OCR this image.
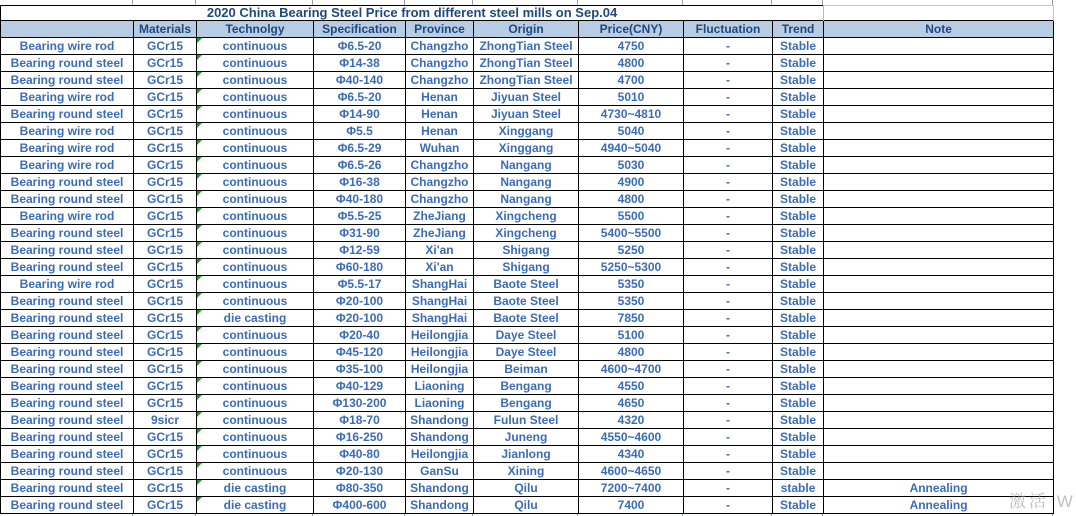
2020 China Bearing Steel Price from different steel mills on Sep.04									
	Materials	Technolgy	Specification	Province	Origin	Price(CNY)	Fluctuation	Trend	Note
Bearing wire rod	GCr15	continuous	Φ6.5-20	Changzho	ZhongTian Steel	4750	-	Stable	
Bearing round steel	GCr15	continuous	Φ14-38	Changzho	ZhongTian Steel	4800	-	Stable	
Bearing round steel	GCr15	continuous	Φ40-140	Changzho	ZhongTian Steel	4700	-	Stable	
Bearing wire rod	GCr15	continuous	Φ6.5-20	Henan	Jiyuan Steel	5010	-	Stable	
Bearing round steel	GCr15	continuous	Φ14-90	Henan	Jiyuan Steel	4730~4810	-	Stable	
Bearing wire rod	GCr15	continuous	Φ5.5	Henan	Xinggang	5040	-	Stable	
Bearing wire rod	GCr15	continuous	Φ6.5-29	Wuhan	Xinggang	4940~5040	-	Stable	
Bearing wire rod	GCr15	continuous	Φ6.5-26	Changzho	Nangang	5030	-	Stable	
Bearing round steel	GCr15	continuous	Φ16-38	Changzho	Nangang	4900	-	Stable	
Bearing round steel	GCr15	continuous	Φ40-180	Changzho	Nangang	4800	-	Stable	
Bearing wire rod	GCr15	continuous	Φ5.5-25	ZheJiang	Xingcheng	5500	-	Stable	
Bearing round steel	GCr15	continuous	Φ31-90	ZheJiang	Xingcheng	5400~5500	-	Stable	
Bearing round steel	GCr15	continuous	Φ12-59	Xi'an	Shigang	5250	-	Stable	
Bearing round steel	GCr15	continuous	Φ60-180	Xi'an	Shigang	5250~5300	-	Stable	
Bearing wire rod	GCr15	continuous	Φ5.5-17	ShangHai	Baote Steel	5350	-	Stable	
Bearing round steel	GCr15	continuous	Φ20-100	ShangHai	Baote Steel	5350	-	Stable	
Bearing round steel	GCr15	die casting	Φ20-100	ShangHai	Baote Steel	7850	-	Stable	
Bearing round steel	GCr15	continuous	Φ20-40	Heilongjia	Daye Steel	5100	-	Stable	
Bearing round steel	GCr15	continuous	Φ45-120	Heilongjia	Daye Steel	4800	-	Stable	
Bearing round steel	GCr15	continuous	Φ35-100	Heilongjia	Beiman	4600~4700	-	Stable	
Bearing round steel	GCr15	continuous	Φ40-129	Liaoning	Bengang	4550	-	Stable	
Bearing round steel	GCr15	continuous	Φ130-200	Liaoning	Bengang	4650	-	Stable	
Bearing round steel	9sicr	continuous	Φ18-70	Shandong	Fulun Steel	4320	-	Stable	
Bearing round steel	GCr15	continuous	Φ16-250	Shandong	Juneng	4550~4600	-	Stable	
Bearing round steel	GCr15	continuous	Φ40-80	Heilongjia	Jianlong	4340	-	Stable	
Bearing round steel	GCr15	continuous	Φ20-130	GanSu	Xining	4600~4650	-	Stable	
Bearing round steel	GCr15	die casting	Φ80-350	Shandong	Qilu	7200~7400	-	stable	Annealing
Bearing round steel	GCr15	die casting	Φ400-600	Shandong	Qilu	7400	-	Stable	Annealing 激活 W
